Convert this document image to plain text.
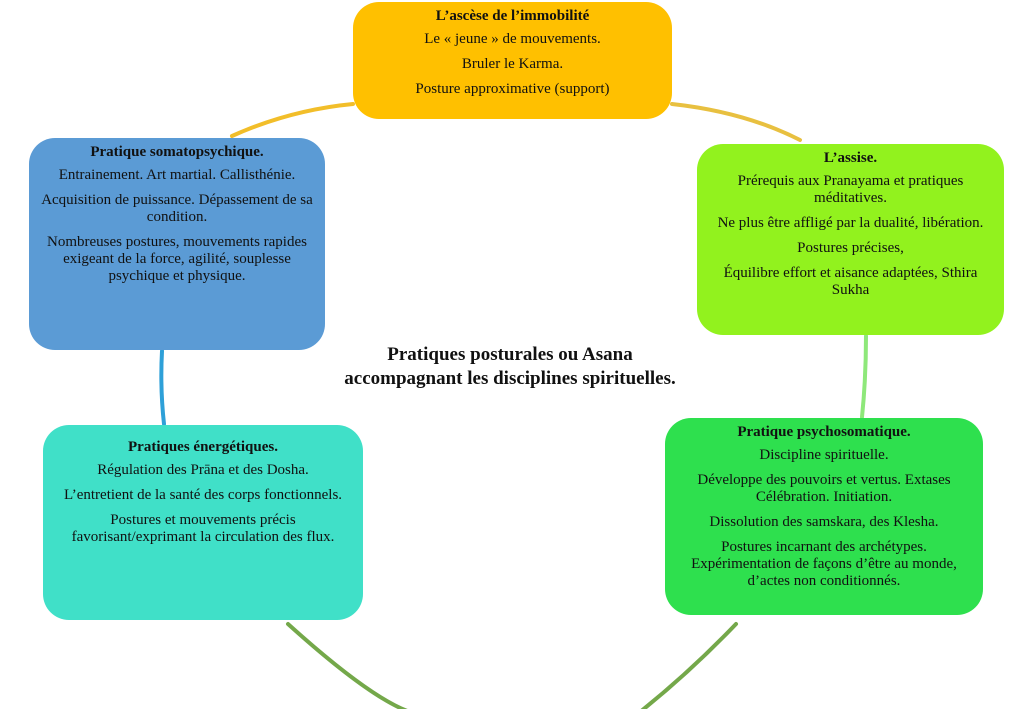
L’ascèse de l’immobilité
Le « jeune » de mouvements.
Bruler le Karma.
Posture approximative (support)
L’assise.
Prérequis aux Pranayama et pratiques méditatives.
Ne plus être affligé par la dualité, libération.
Postures précises,
Équilibre effort et aisance adaptées, Sthira Sukha
Pratique somatopsychique.
Entrainement. Art martial. Callisthénie.
Acquisition de puissance. Dépassement de sa condition.
Nombreuses postures, mouvements rapides exigeant de la force, agilité, souplesse psychique et physique.
Pratiques énergétiques.
Régulation des Prāna et des Dosha.
L’entretient de la santé des corps fonctionnels.
Postures et mouvements précis favorisant/exprimant la circulation des flux.
Pratique psychosomatique.
Discipline spirituelle.
Développe des pouvoirs et vertus. Extases Célébration. Initiation.
Dissolution des samskara, des Klesha.
Postures incarnant des archétypes. Expérimentation de façons d’être au monde, d’actes non conditionnés.
Pratiques posturales ou Asana
accompagnant les disciplines spirituelles.
